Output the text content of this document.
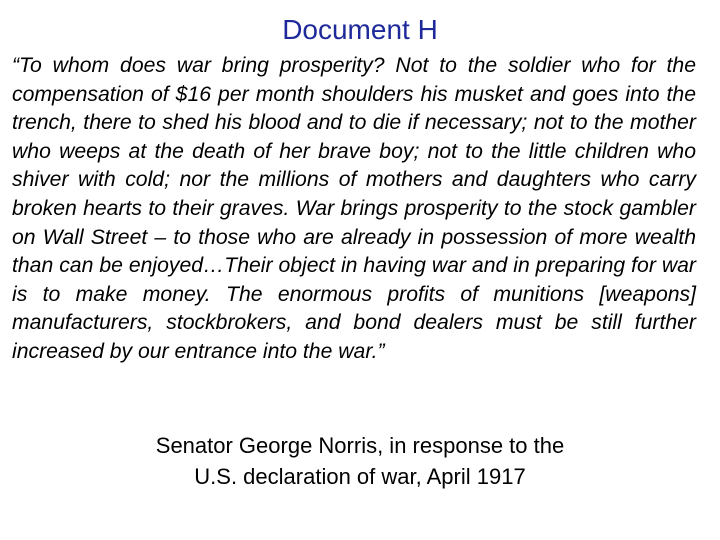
Document H

“To whom does war bring prosperity? Not to the soldier who for the compensation of $16 per month shoulders his musket and goes into the trench, there to shed his blood and to die if necessary; not to the mother who weeps at the death of her brave boy; not to the little children who shiver with cold; nor the millions of mothers and daughters who carry broken hearts to their graves. War brings prosperity to the stock gambler on Wall Street – to those who are already in possession of more wealth than can be enjoyed…Their object in having war and in preparing for war is to make money. The enormous profits of munitions [weapons] manufacturers, stockbrokers, and bond dealers must be still further increased by our entrance into the war.”

Senator George Norris, in response to the
U.S. declaration of war, April 1917
